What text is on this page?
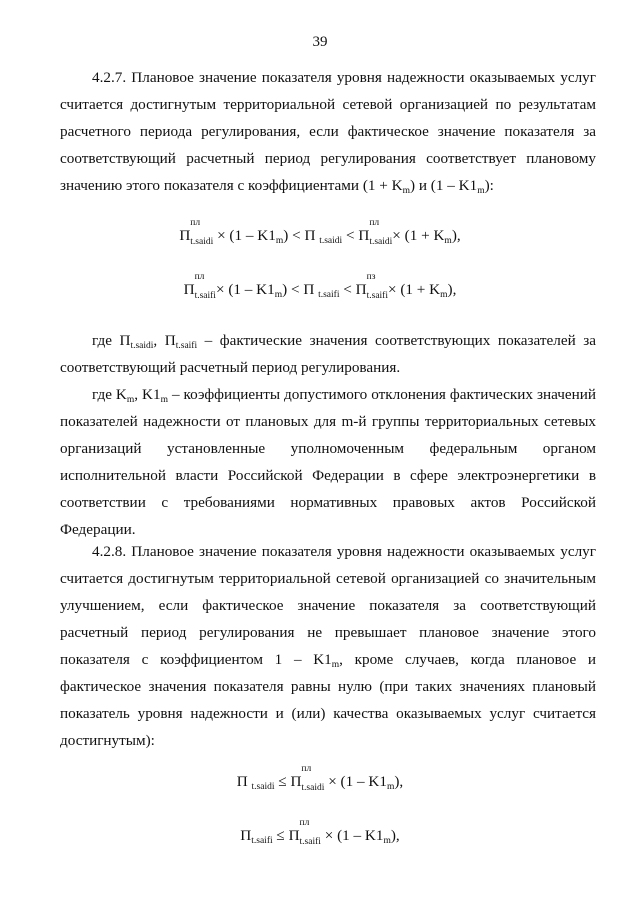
39

4.2.7. Плановое значение показателя уровня надежности оказываемых услуг считается достигнутым территориальной сетевой организацией по результатам расчетного периода регулирования, если фактическое значение показателя за соответствующий расчетный период регулирования соответствует плановому значению этого показателя с коэффициентами $(1 + K_m)$ и $(1 - K1_m)$:

П
пл
$_{t.saidi} \times (1 - K1_m) < П$ $_{t.saidi}$ < П
пл
$_{t.saidi}\times (1 + K_m)$,
П
пл
$_{t.saifi}\times (1 - K1_m) < П$ $_{t.saifi}$ < П
пз
$_{t.saifi}\times (1 + K_m)$,

где $П_{t.saidi}$, $П_{t.saifi}$ – фактические значения соответствующих показателей за соответствующий расчетный период регулирования.

где $K_m$, $K1_m$ – коэффициенты допустимого отклонения фактических значений показателей надежности от плановых для m-й группы территориальных сетевых организаций установленные уполномоченным федеральным органом исполнительной власти Российской Федерации в сфере электроэнергетики в соответствии с требованиями нормативных правовых актов Российской Федерации.

4.2.8. Плановое значение показателя уровня надежности оказываемых услуг считается достигнутым территориальной сетевой организацией со значительным улучшением, если фактическое значение показателя за соответствующий расчетный период регулирования не превышает плановое значение этого показателя с коэффициентом $1 - K1_m$, кроме случаев, когда плановое и фактическое значения показателя равны нулю (при таких значениях плановый показатель уровня надежности и (или) качества оказываемых услуг считается достигнутым):

П $_{t.saidi}$ ≤ П
пл
$_{t.saidi} \times (1 - K1_m)$,
$П_{t.saifi} \le П$
пл
$_{t.saifi} \times (1 - K1_m)$,
